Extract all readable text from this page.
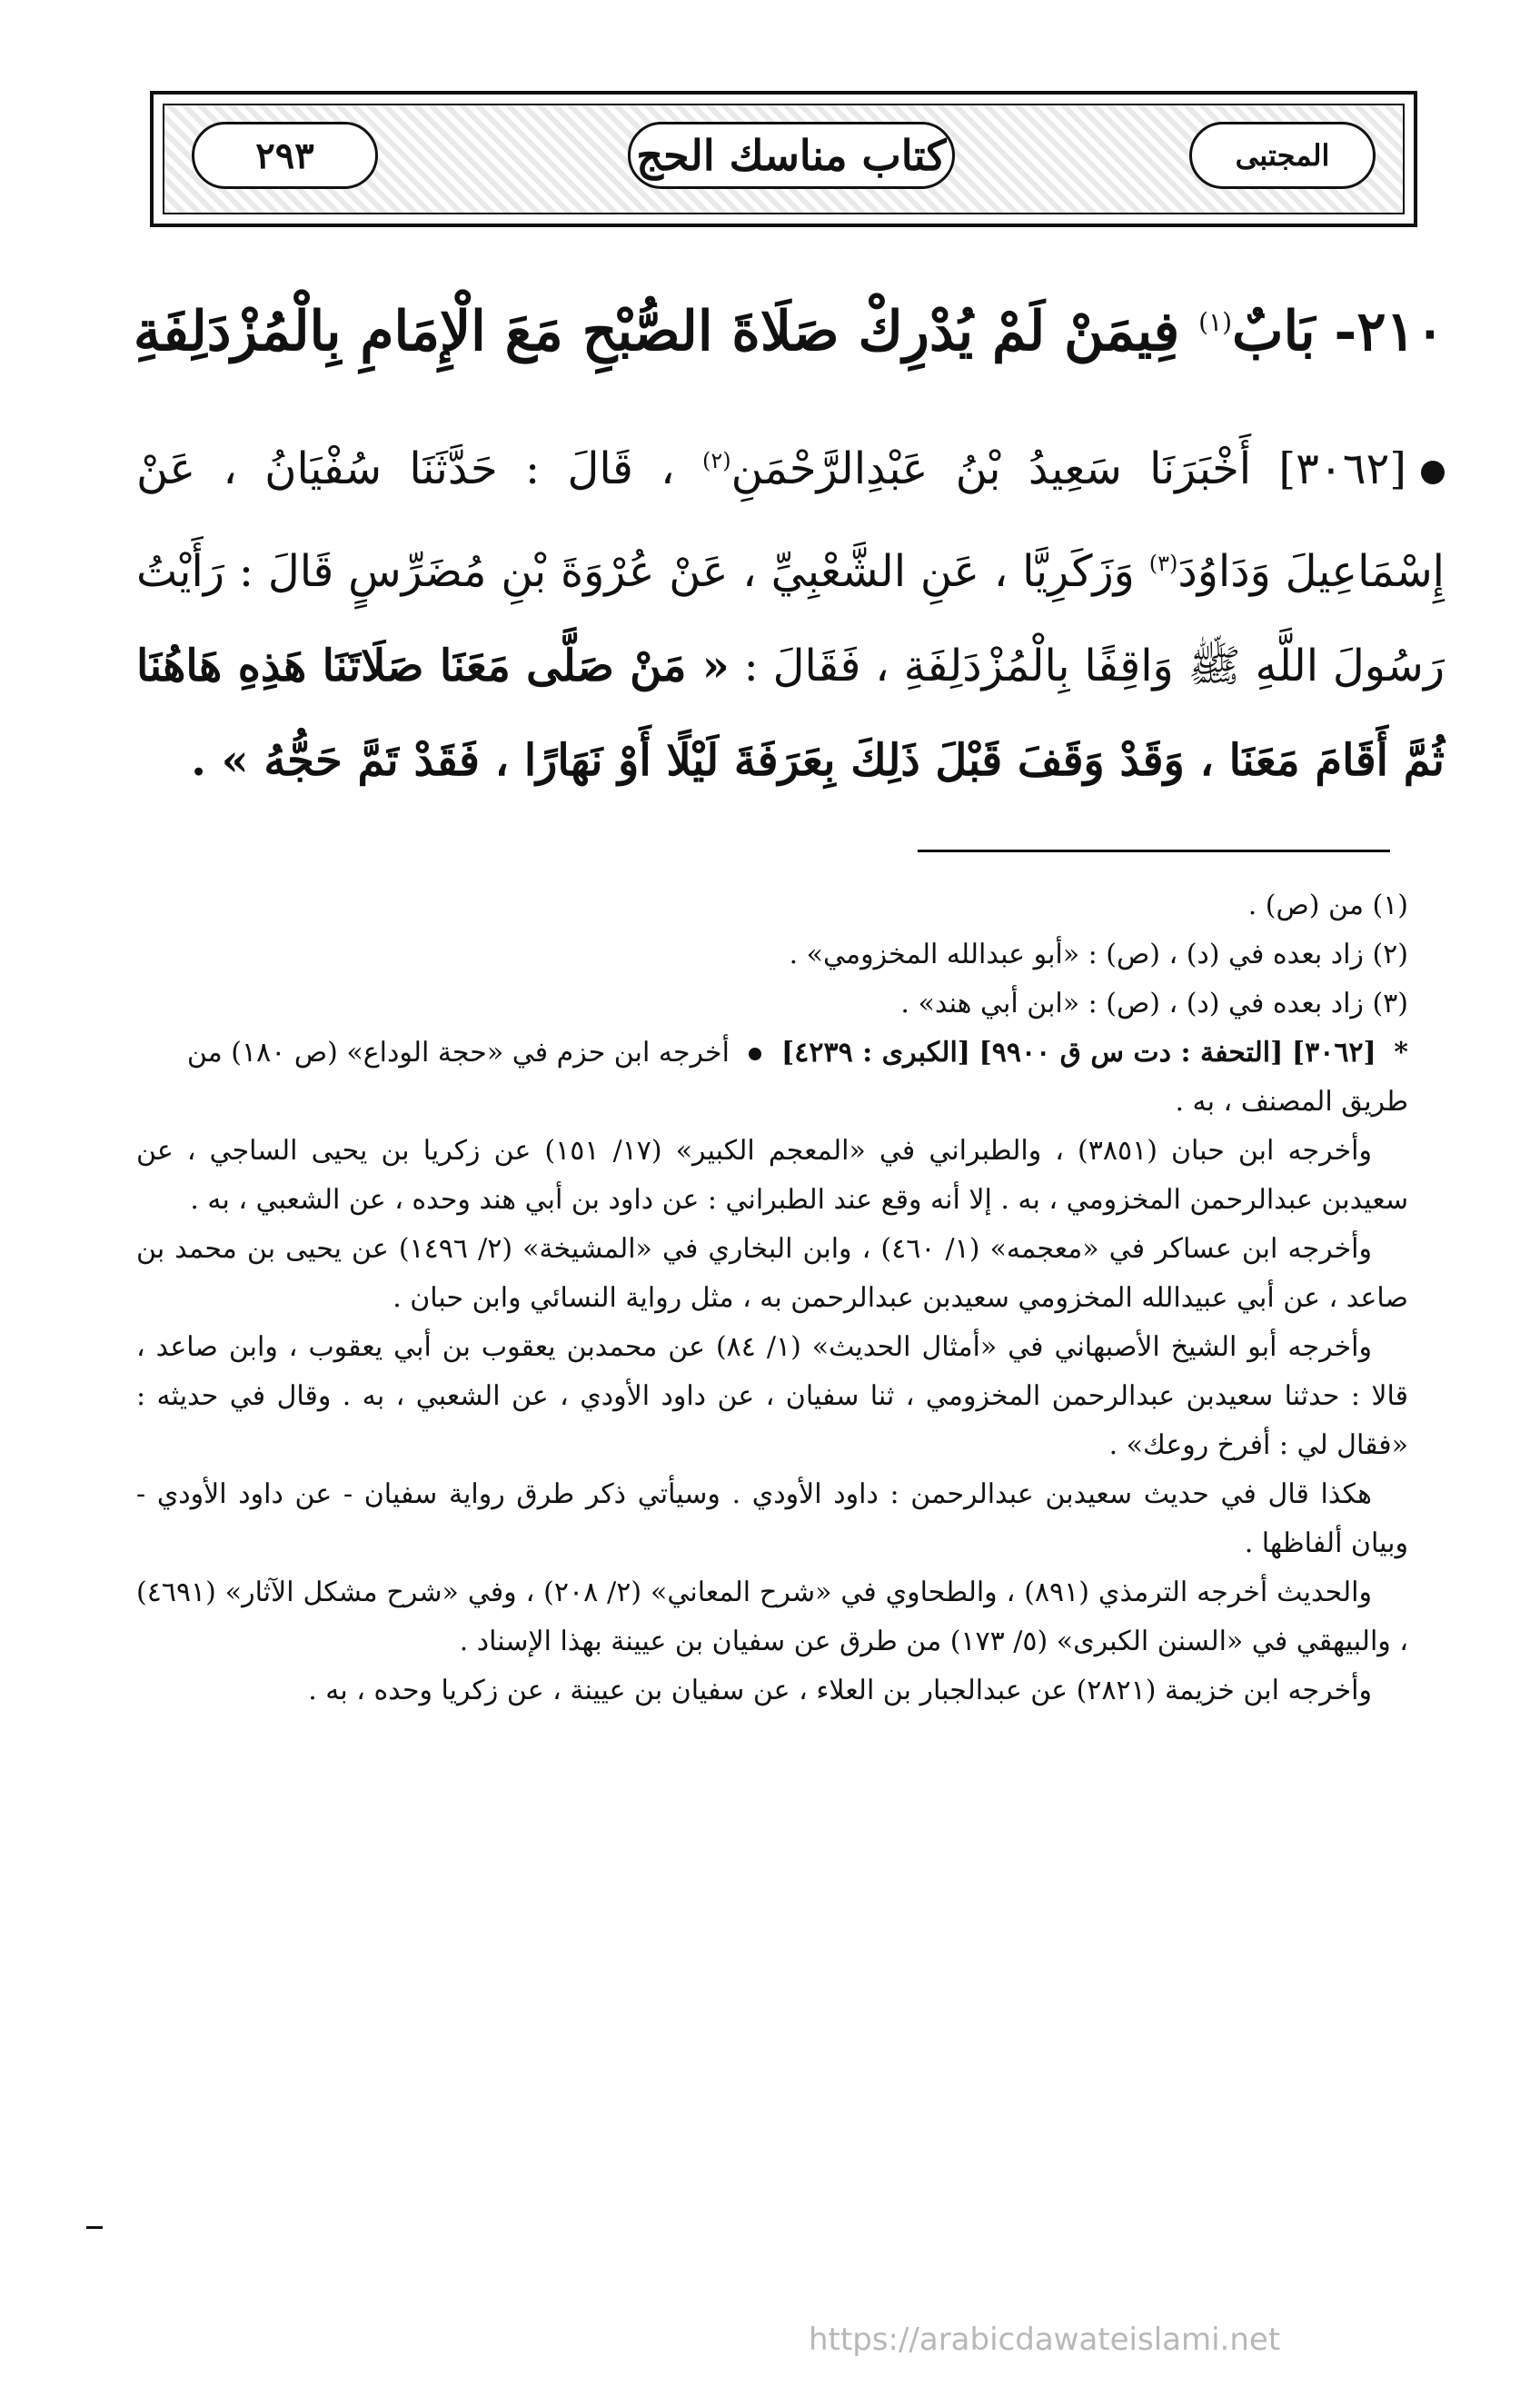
٢٩٣	كتاب مناسك الحج	المجتبى
٢١٠- بَابٌ$^{(١)}$ فِيمَنْ لَمْ يُدْرِكْ صَلَاةَ الصُّبْحِ مَعَ الْإِمَامِ بِالْمُزْدَلِفَةِ
[٣٠٦٢] أَخْبَرَنَا سَعِيدُ بْنُ عَبْدِالرَّحْمَنِ$^{(٢)}$ ، قَالَ : حَدَّثَنَا سُفْيَانُ ، عَنْ إِسْمَاعِيلَ وَدَاوُدَ$^{(٣)}$ وَزَكَرِيَّا ، عَنِ الشَّعْبِيِّ ، عَنْ عُرْوَةَ بْنِ مُضَرِّسٍ قَالَ : رَأَيْتُ رَسُولَ اللَّهِ ﷺ وَاقِفًا بِالْمُزْدَلِفَةِ ، فَقَالَ : « مَنْ صَلَّى مَعَنَا صَلَاتَنَا هَذِهِ هَاهُنَا ثُمَّ أَقَامَ مَعَنَا ، وَقَدْ وَقَفَ قَبْلَ ذَلِكَ بِعَرَفَةَ لَيْلًا أَوْ نَهَارًا ، فَقَدْ تَمَّ حَجُّهُ » .

(١) من (ص) .

(٢) زاد بعده في (د) ، (ص) : «أبو عبدالله المخزومي» .

(٣) زاد بعده في (د) ، (ص) : «ابن أبي هند» .

* [٣٠٦٢] [التحفة : دت س ق ٩٩٠٠] [الكبرى : ٤٢٣٩]  أخرجه ابن حزم في «حجة الوداع» (ص ١٨٠) من طريق المصنف ، به .

وأخرجه ابن حبان (٣٨٥١) ، والطبراني في «المعجم الكبير» (١٧/ ١٥١) عن زكريا بن يحيى الساجي ، عن سعيدبن عبدالرحمن المخزومي ، به . إلا أنه وقع عند الطبراني : عن داود بن أبي هند وحده ، عن الشعبي ، به .

وأخرجه ابن عساكر في «معجمه» (١/ ٤٦٠) ، وابن البخاري في «المشيخة» (٢/ ١٤٩٦) عن يحيى بن محمد بن صاعد ، عن أبي عبيدالله المخزومي سعيدبن عبدالرحمن به ، مثل رواية النسائي وابن حبان .

وأخرجه أبو الشيخ الأصبهاني في «أمثال الحديث» (١/ ٨٤) عن محمدبن يعقوب بن أبي يعقوب ، وابن صاعد ، قالا : حدثنا سعيدبن عبدالرحمن المخزومي ، ثنا سفيان ، عن داود الأودي ، عن الشعبي ، به . وقال في حديثه : «فقال لي : أفرخ روعك» .

هكذا قال في حديث سعيدبن عبدالرحمن : داود الأودي . وسيأتي ذكر طرق رواية سفيان - عن داود الأودي - وبيان ألفاظها .

والحديث أخرجه الترمذي (٨٩١) ، والطحاوي في «شرح المعاني» (٢/ ٢٠٨) ، وفي «شرح مشكل الآثار» (٤٦٩١) ، والبيهقي في «السنن الكبرى» (٥/ ١٧٣) من طرق عن سفيان بن عيينة بهذا الإسناد .

وأخرجه ابن خزيمة (٢٨٢١) عن عبدالجبار بن العلاء ، عن سفيان بن عيينة ، عن زكريا وحده ، به .

https://arabicdawateislami.net
